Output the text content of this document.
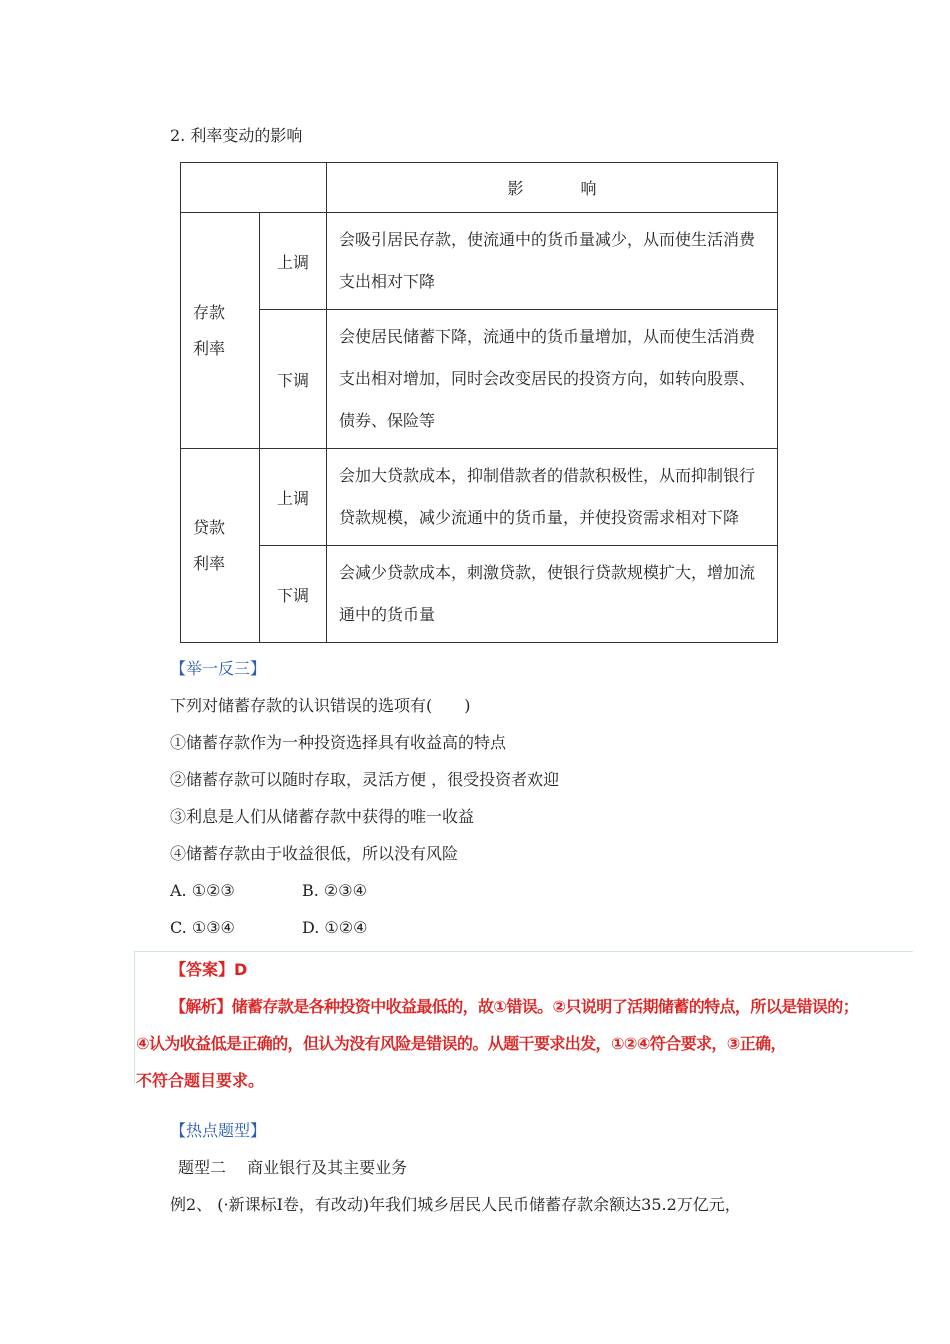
2. 利率变动的影响
		影 响

存款
利率	上调	会吸引居民存款，使流通中的货币量减少，从而使生活消费支出相对下降
	下调	会使居民储蓄下降，流通中的货币量增加，从而使生活消费支出相对增加，同时会改变居民的投资方向，如转向股票、债券、保险等

贷款
利率	上调	会加大贷款成本，抑制借款者的借款积极性，从而抑制银行贷款规模，减少流通中的货币量，并使投资需求相对下降
	下调	会减少贷款成本，刺激贷款，使银行贷款规模扩大，增加流通中的货币量
【举一反三】
下列对储蓄存款的认识错误的选项有(　　)
①储蓄存款作为一种投资选择具有收益高的特点
②储蓄存款可以随时存取，灵活方便 ，很受投资者欢迎
③利息是人们从储蓄存款中获得的唯一收益
④储蓄存款由于收益很低，所以没有风险
A. ①②③	B. ②③④
C. ①③④	D. ①②④
【答案】D
【解析】储蓄存款是各种投资中收益最低的，故①错误。②只说明了活期储蓄的特点，所以是错误的；
④认为收益低是正确的，但认为没有风险是错误的。从题干要求出发，①②④符合要求，③正确，
不符合题目要求。
【热点题型】
题型二　 商业银行及其主要业务
例2、 (·新课标Ⅰ卷，有改动)年我们城乡居民人民币储蓄存款余额达35.2万亿元，
